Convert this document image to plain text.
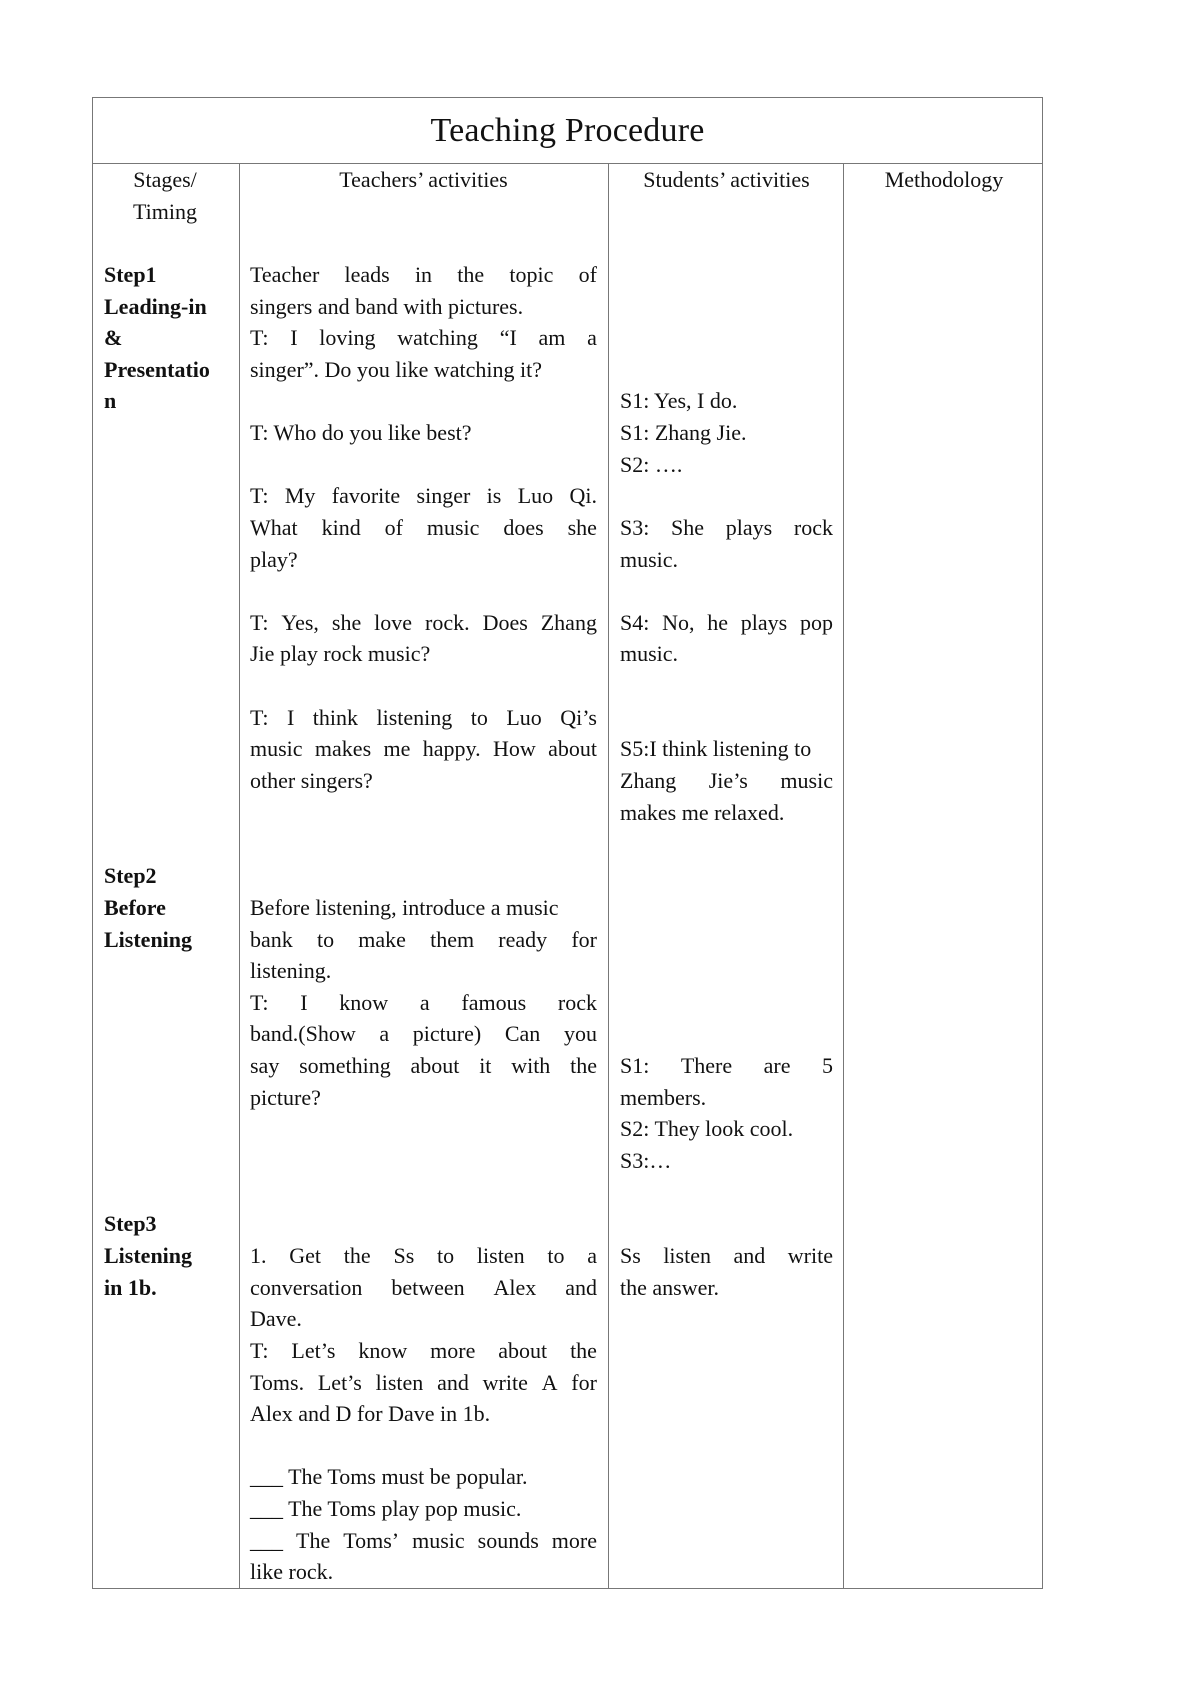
Teaching Procedure
Stages/
Timing
Teachers’ activities	Students’ activities	Methodology
Step1
Leading-in
&
Presentatio
n
Step2
Before
Listening
Step3
Listening
in 1b.
Teacher leads in the topic of
singers and band with pictures.
T: I loving watching “I am a
singer”. Do you like watching it?
T: Who do you like best?
T: My favorite singer is Luo Qi.
What kind of music does she
play?
T: Yes, she love rock. Does Zhang
Jie play rock music?
T: I think listening to Luo Qi’s
music makes me happy. How about
other singers?
Before listening, introduce a music
bank to make them ready for
listening.
T: I know a famous rock
band.(Show a picture) Can you
say something about it with the
picture?
1. Get the Ss to listen to a
conversation between Alex and
Dave.
T: Let’s know more about the
Toms. Let’s listen and write A for
Alex and D for Dave in 1b.
___ The Toms must be popular.
___ The Toms play pop music.
___ The Toms’ music sounds more
like rock.
S1: Yes, I do.
S1: Zhang Jie.
S2: ….
S3: She plays rock
music.
S4: No, he plays pop
music.
S5:I think listening to
Zhang Jie’s music
makes me relaxed.
S1: There are 5
members.
S2: They look cool.
S3:…
Ss listen and write
the answer.
